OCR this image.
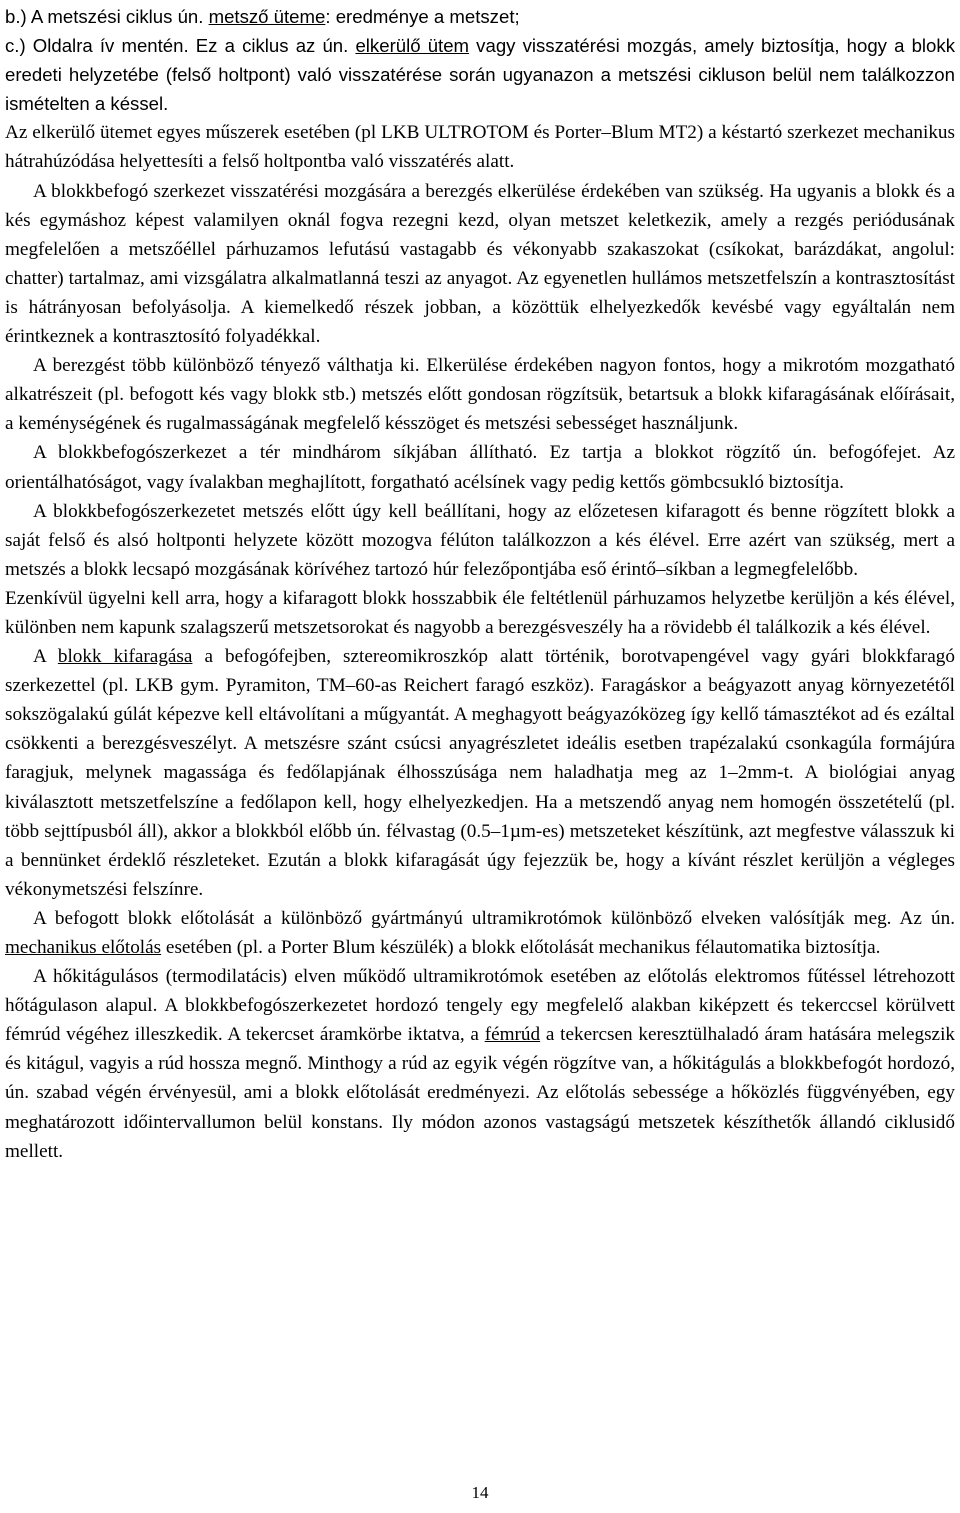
b.) A metszési ciklus ún. metsző üteme: eredménye a metszet;

c.) Oldalra ív mentén. Ez a ciklus az ún. elkerülő ütem vagy visszatérési mozgás, amely biztosítja, hogy a blokk eredeti helyzetébe (felső holtpont) való visszatérése során ugyanazon a metszési cikluson belül nem találkozzon ismételten a késsel.

Az elkerülő ütemet egyes műszerek esetében (pl LKB ULTROTOM és Porter–Blum MT2) a késtartó szerkezet mechanikus hátrahúzódása helyettesíti a felső holtpontba való visszatérés alatt.

A blokkbefogó szerkezet visszatérési mozgására a berezgés elkerülése érdekében van szükség. Ha ugyanis a blokk és a kés egymáshoz képest valamilyen oknál fogva rezegni kezd, olyan metszet keletkezik, amely a rezgés periódusának megfelelően a metszőéllel párhuzamos lefutású vastagabb és vékonyabb szakaszokat (csíkokat, barázdákat, angolul: chatter) tartalmaz, ami vizsgálatra alkalmatlanná teszi az anyagot. Az egyenetlen hullámos metszetfelszín a kontrasztosítást is hátrányosan befolyásolja. A kiemelkedő részek jobban, a közöttük elhelyezkedők kevésbé vagy egyáltalán nem érintkeznek a kontrasztosító folyadékkal.

A berezgést több különböző tényező válthatja ki. Elkerülése érdekében nagyon fontos, hogy a mikrotóm mozgatható alkatrészeit (pl. befogott kés vagy blokk stb.) metszés előtt gondosan rögzítsük, betartsuk a blokk kifaragásának előírásait, a keménységének és rugalmasságának megfelelő késszöget és metszési sebességet használjunk.

A blokkbefogószerkezet a tér mindhárom síkjában állítható. Ez tartja a blokkot rögzítő ún. befogófejet. Az orientálhatóságot, vagy ívalakban meghajlított, forgatható acélsínek vagy pedig kettős gömbcsukló biztosítja.

A blokkbefogószerkezetet metszés előtt úgy kell beállítani, hogy az előzetesen kifaragott és benne rögzített blokk a saját felső és alsó holtponti helyzete között mozogva félúton találkozzon a kés élével. Erre azért van szükség, mert a metszés a blokk lecsapó mozgásának körívéhez tartozó húr felezőpontjába eső érintő–síkban a legmegfelelőbb.

Ezenkívül ügyelni kell arra, hogy a kifaragott blokk hosszabbik éle feltétlenül párhuzamos helyzetbe kerüljön a kés élével, különben nem kapunk szalagszerű metszetsorokat és nagyobb a berezgésveszély ha a rövidebb él találkozik a kés élével.

A blokk kifaragása a befogófejben, sztereomikroszkóp alatt történik, borotvapengével vagy gyári blokkfaragó szerkezettel (pl. LKB gym. Pyramiton, TM–60-as Reichert faragó eszköz). Faragáskor a beágyazott anyag környezetétől sokszögalakú gúlát képezve kell eltávolítani a műgyantát. A meghagyott beágyazóközeg így kellő támasztékot ad és ezáltal csökkenti a berezgésveszélyt. A metszésre szánt csúcsi anyagrészletet ideális esetben trapézalakú csonkagúla formájúra faragjuk, melynek magassága és fedőlapjának élhosszúsága nem haladhatja meg az 1–2mm-t. A biológiai anyag kiválasztott metszetfelszíne a fedőlapon kell, hogy elhelyezkedjen. Ha a metszendő anyag nem homogén összetételű (pl. több sejttípusból áll), akkor a blokkból előbb ún. félvastag (0.5–1µm-es) metszeteket készítünk, azt megfestve válasszuk ki a bennünket érdeklő részleteket. Ezután a blokk kifaragását úgy fejezzük be, hogy a kívánt részlet kerüljön a végleges vékonymetszési felszínre.

A befogott blokk előtolását a különböző gyártmányú ultramikrotómok különböző elveken valósítják meg. Az ún. mechanikus előtolás esetében (pl. a Porter Blum készülék) a blokk előtolását mechanikus félautomatika biztosítja.

A hőkitágulásos (termodilatácis) elven működő ultramikrotómok esetében az előtolás elektromos fűtéssel létrehozott hőtágulason alapul. A blokkbefogószerkezetet hordozó tengely egy megfelelő alakban kiképzett és tekerccsel körülvett fémrúd végéhez illeszkedik. A tekercset áramkörbe iktatva, a fémrúd a tekercsen keresztülhaladó áram hatására melegszik és kitágul, vagyis a rúd hossza megnő. Minthogy a rúd az egyik végén rögzítve van, a hőkitágulás a blokkbefogót hordozó, ún. szabad végén érvényesül, ami a blokk előtolását eredményezi. Az előtolás sebessége a hőközlés függvényében, egy meghatározott időintervallumon belül konstans. Ily módon azonos vastagságú metszetek készíthetők állandó ciklusidő mellett.

14
